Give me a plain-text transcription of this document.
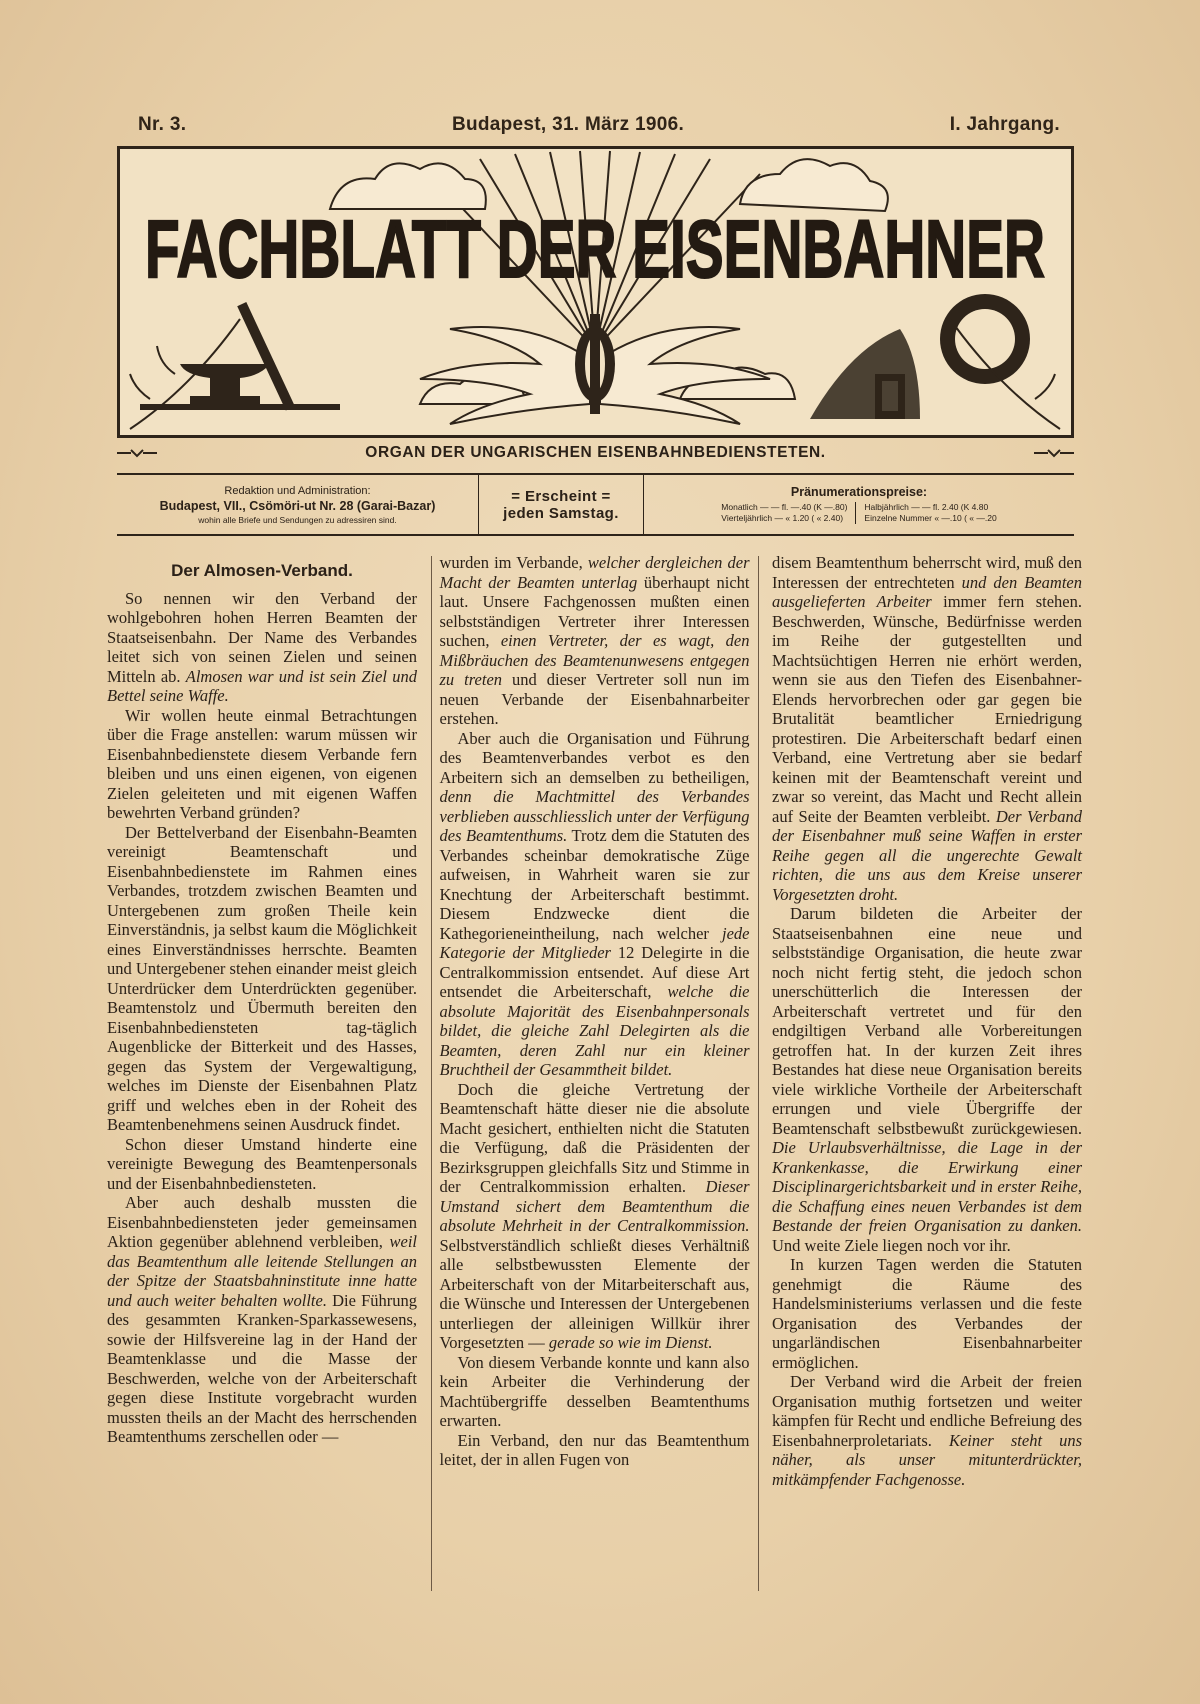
Nr. 3.	Budapest, 31. März 1906.	I. Jahrgang.
FACHBLATT DER EISENBAHNER
ORGAN DER UNGARISCHEN EISENBAHNBEDIENSTETEN.
Redaktion und Administration:
Budapest, VII., Csömöri-ut Nr. 28 (Garai-Bazar)
wohin alle Briefe und Sendungen zu adressiren sind.
= Erscheint =
jeden Samstag.
Pränumerationspreise:
Monatlich — — fl. —.40 (K —.80)
Vierteljährlich — « 1.20 ( « 2.40)
Halbjährlich — — fl. 2.40 (K 4.80
Einzelne Nummer « —.10 ( « —.20
Der Almosen-Verband.

So nennen wir den Verband der wohlgebohren hohen Herren Beamten der Staatseisenbahn. Der Name des Verbandes leitet sich von seinen Zielen und seinen Mitteln ab. Almosen war und ist sein Ziel und Bettel seine Waffe.

Wir wollen heute einmal Betrachtungen über die Frage anstellen: warum müssen wir Eisenbahnbedienstete diesem Verbande fern bleiben und uns einen eigenen, von eigenen Zielen geleiteten und mit eigenen Waffen bewehrten Verband gründen?

Der Bettelverband der Eisenbahn-Beamten vereinigt Beamtenschaft und Eisenbahnbedienstete im Rahmen eines Verbandes, trotzdem zwischen Beamten und Untergebenen zum großen Theile kein Einverständnis, ja selbst kaum die Möglichkeit eines Einverständnisses herrschte. Beamten und Untergebener stehen einander meist gleich Unterdrücker dem Unterdrückten gegenüber. Beamtenstolz und Übermuth bereiten den Eisenbahnbediensteten tag-täglich Augenblicke der Bitterkeit und des Hasses, gegen das System der Vergewaltigung, welches im Dienste der Eisenbahnen Platz griff und welches eben in der Roheit des Beamtenbenehmens seinen Ausdruck findet.

Schon dieser Umstand hinderte eine vereinigte Bewegung des Beamtenpersonals und der Eisenbahnbediensteten.

Aber auch deshalb mussten die Eisenbahnbediensteten jeder gemeinsamen Aktion gegenüber ablehnend verbleiben, weil das Beamtenthum alle leitende Stellungen an der Spitze der Staatsbahninstitute inne hatte und auch weiter behalten wollte. Die Führung des gesammten Kranken-Sparkassewesens, sowie der Hilfsvereine lag in der Hand der Beamtenklasse und die Masse der Beschwerden, welche von der Arbeiterschaft gegen diese Institute vorgebracht wurden mussten theils an der Macht des herrschenden Beamtenthums zerschellen oder —

wurden im Verbande, welcher dergleichen der Macht der Beamten unterlag überhaupt nicht laut. Unsere Fachgenossen mußten einen selbstständigen Vertreter ihrer Interessen suchen, einen Vertreter, der es wagt, den Mißbräuchen des Beamtenunwesens entgegen zu treten und dieser Vertreter soll nun im neuen Verbande der Eisenbahnarbeiter erstehen.

Aber auch die Organisation und Führung des Beamtenverbandes verbot es den Arbeitern sich an demselben zu betheiligen, denn die Machtmittel des Verbandes verblieben ausschliesslich unter der Verfügung des Beamtenthums. Trotz dem die Statuten des Verbandes scheinbar demokratische Züge aufweisen, in Wahrheit waren sie zur Knechtung der Arbeiterschaft bestimmt. Diesem Endzwecke dient die Kathegorieneintheilung, nach welcher jede Kategorie der Mitglieder 12 Delegirte in die Centralkommission entsendet. Auf diese Art entsendet die Arbeiterschaft, welche die absolute Majorität des Eisenbahnpersonals bildet, die gleiche Zahl Delegirten als die Beamten, deren Zahl nur ein kleiner Bruchtheil der Gesammtheit bildet.

Doch die gleiche Vertretung der Beamtenschaft hätte dieser nie die absolute Macht gesichert, enthielten nicht die Statuten die Verfügung, daß die Präsidenten der Bezirksgruppen gleichfalls Sitz und Stimme in der Centralkommission erhalten. Dieser Umstand sichert dem Beamtenthum die absolute Mehrheit in der Centralkommission. Selbstverständlich schließt dieses Verhältniß alle selbstbewussten Elemente der Arbeiterschaft von der Mitarbeiterschaft aus, die Wünsche und Interessen der Untergebenen unterliegen der alleinigen Willkür ihrer Vorgesetzten — gerade so wie im Dienst.

Von diesem Verbande konnte und kann also kein Arbeiter die Verhinderung der Machtübergriffe desselben Beamtenthums erwarten.

Ein Verband, den nur das Beamtenthum leitet, der in allen Fugen von

disem Beamtenthum beherrscht wird, muß den Interessen der entrechteten und den Beamten ausgelieferten Arbeiter immer fern stehen. Beschwerden, Wünsche, Bedürfnisse werden im Reihe der gutgestellten und Machtsüchtigen Herren nie erhört werden, wenn sie aus den Tiefen des Eisenbahner-Elends hervorbrechen oder gar gegen bie Brutalität beamtlicher Erniedrigung protestiren. Die Arbeiterschaft bedarf einen Verband, eine Vertretung aber sie bedarf keinen mit der Beamtenschaft vereint und zwar so vereint, das Macht und Recht allein auf Seite der Beamten verbleibt. Der Verband der Eisenbahner muß seine Waffen in erster Reihe gegen all die ungerechte Gewalt richten, die uns aus dem Kreise unserer Vorgesetzten droht.

Darum bildeten die Arbeiter der Staatseisenbahnen eine neue und selbstständige Organisation, die heute zwar noch nicht fertig steht, die jedoch schon unerschütterlich die Interessen der Arbeiterschaft vertretet und für den endgiltigen Verband alle Vorbereitungen getroffen hat. In der kurzen Zeit ihres Bestandes hat diese neue Organisation bereits viele wirkliche Vortheile der Arbeiterschaft errungen und viele Übergriffe der Beamtenschaft selbstbewußt zurückgewiesen. Die Urlaubsverhältnisse, die Lage in der Krankenkasse, die Erwirkung einer Disciplinargerichtsbarkeit und in erster Reihe, die Schaffung eines neuen Verbandes ist dem Bestande der freien Organisation zu danken. Und weite Ziele liegen noch vor ihr.

In kurzen Tagen werden die Statuten genehmigt die Räume des Handelsministeriums verlassen und die feste Organisation des Verbandes der ungarländischen Eisenbahnarbeiter ermöglichen.

Der Verband wird die Arbeit der freien Organisation muthig fortsetzen und weiter kämpfen für Recht und endliche Befreiung des Eisenbahnerproletariats. Keiner steht uns näher, als unser mitunterdrückter, mitkämpfender Fachgenosse.
